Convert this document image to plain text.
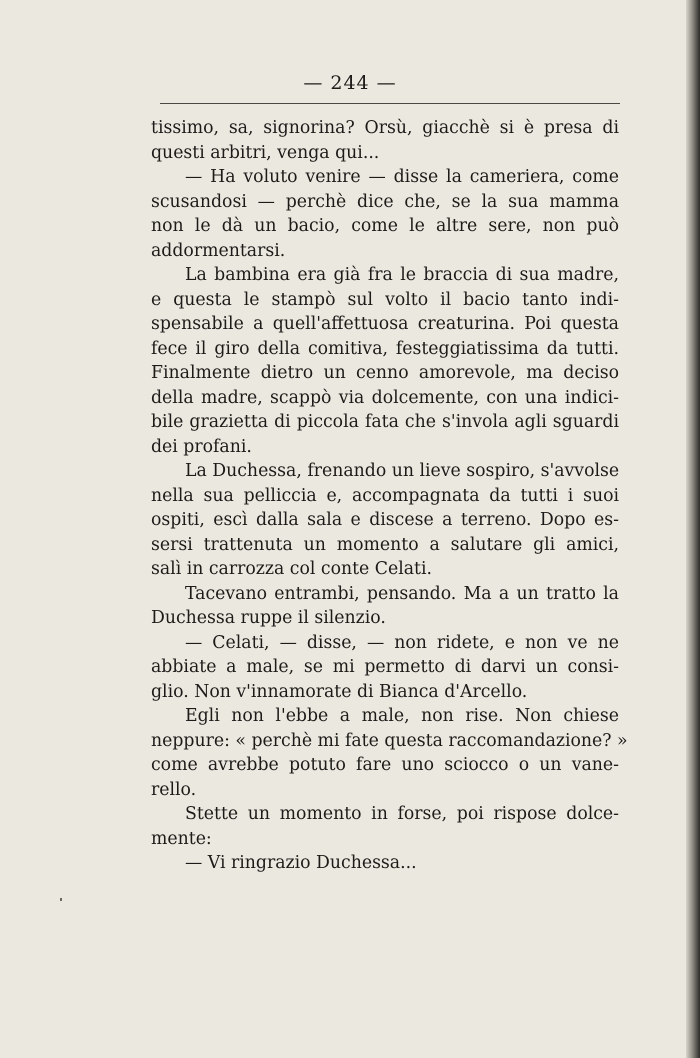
— 244 —
tissimo, sa, signorina? Orsù, giacchè si è presa di
questi arbitri, venga qui...
— Ha voluto venire — disse la cameriera, come
scusandosi — perchè dice che, se la sua mamma
non le dà un bacio, come le altre sere, non può
addormentarsi.
La bambina era già fra le braccia di sua madre,
e questa le stampò sul volto il bacio tanto indi-
spensabile a quell'affettuosa creaturina. Poi questa
fece il giro della comitiva, festeggiatissima da tutti.
Finalmente dietro un cenno amorevole, ma deciso
della madre, scappò via dolcemente, con una indici-
bile grazietta di piccola fata che s'invola agli sguardi
dei profani.
La Duchessa, frenando un lieve sospiro, s'avvolse
nella sua pelliccia e, accompagnata da tutti i suoi
ospiti, escì dalla sala e discese a terreno. Dopo es-
sersi trattenuta un momento a salutare gli amici,
salì in carrozza col conte Celati.
Tacevano entrambi, pensando. Ma a un tratto la
Duchessa ruppe il silenzio.
— Celati, — disse, — non ridete, e non ve ne
abbiate a male, se mi permetto di darvi un consi-
glio. Non v'innamorate di Bianca d'Arcello.
Egli non l'ebbe a male, non rise. Non chiese
neppure: « perchè mi fate questa raccomandazione? »
come avrebbe potuto fare uno sciocco o un vane-
rello.
Stette un momento in forse, poi rispose dolce-
mente:
— Vi ringrazio Duchessa...
